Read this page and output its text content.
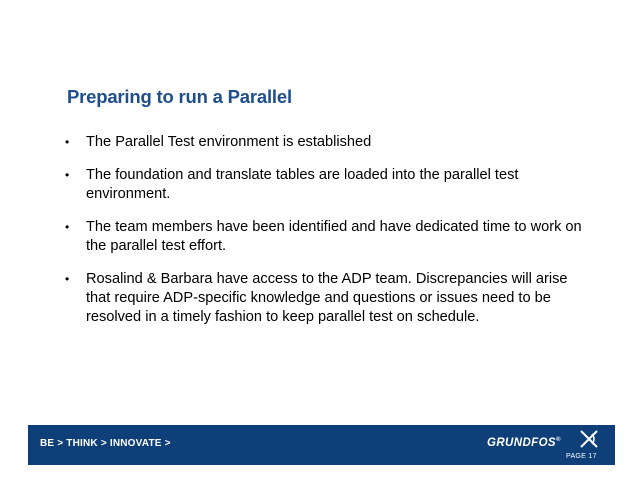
Preparing to run a Parallel
• The Parallel Test environment is established
• The foundation and translate tables are loaded into the parallel test environment.
• The team members have been identified and have dedicated time to work on the parallel test effort.
• Rosalind & Barbara have access to the ADP team. Discrepancies will arise that require ADP-specific knowledge and questions or issues need to be resolved in a timely fashion to keep parallel test on schedule.
BE > THINK > INNOVATE >	GRUNDFOS®
PAGE 17
